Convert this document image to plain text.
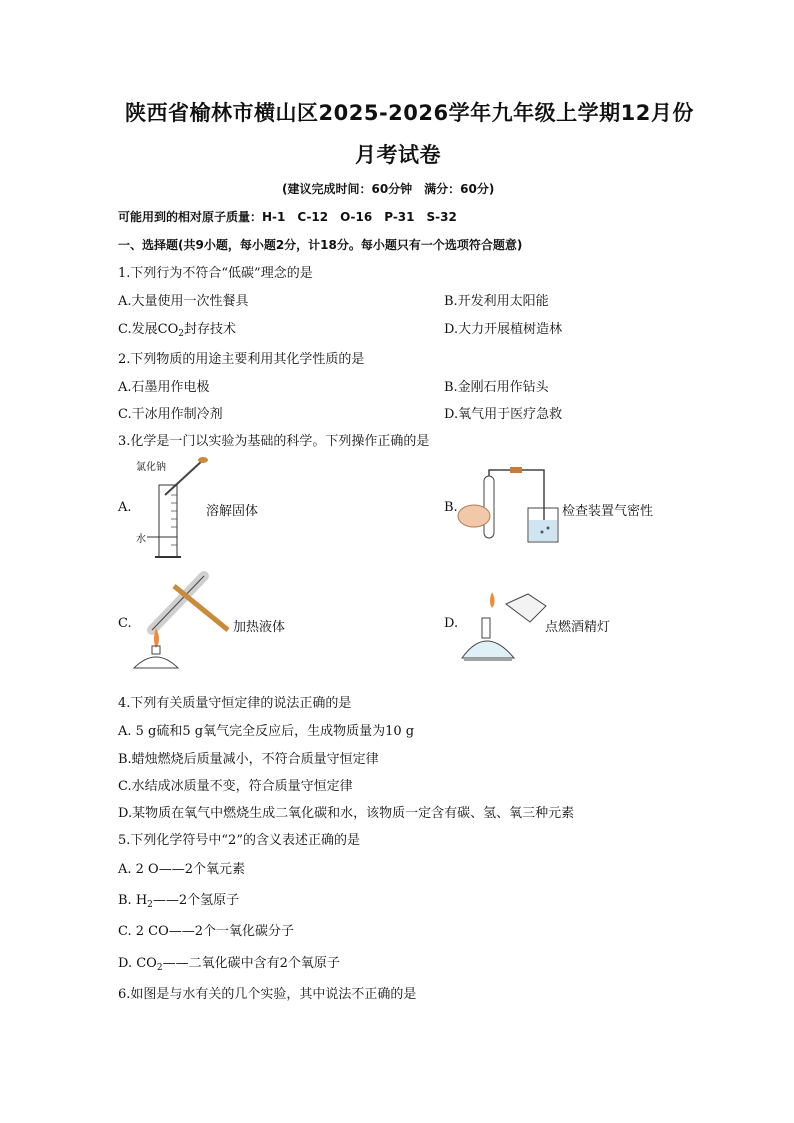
陕西省榆林市横山区2025-2026学年九年级上学期12月份
月考试卷
(建议完成时间：60分钟　满分：60分)
可能用到的相对原子质量：H-1　C-12　O-16　P-31　S-32
一、选择题(共9小题，每小题2分，计18分。每小题只有一个选项符合题意)
1.下列行为不符合“低碳”理念的是
A.大量使用一次性餐具	B.开发利用太阳能
C.发展$CO_2$封存技术	D.大力开展植树造林
2.下列物质的用途主要利用其化学性质的是
A.石墨用作电极	B.金刚石用作钻头
C.干冰用作制冷剂	D.氧气用于医疗急救
3.化学是一门以实验为基础的科学。下列操作正确的是
A.
氯化钠
水
溶解固体	B.	检查装置气密性
C.	加热液体	D.	点燃酒精灯
4.下列有关质量守恒定律的说法正确的是
A. 5 g硫和5 g氧气完全反应后，生成物质量为10 g
B.蜡烛燃烧后质量减小，不符合质量守恒定律
C.水结成冰质量不变，符合质量守恒定律
D.某物质在氧气中燃烧生成二氧化碳和水，该物质一定含有碳、氢、氧三种元素
5.下列化学符号中“2”的含义表述正确的是
A. 2 O——2个氧元素
B. $H_2——2$个氢原子
C. 2 CO——2个一氧化碳分子
D. $CO_2——$二氧化碳中含有2个氧原子
6.如图是与水有关的几个实验，其中说法不正确的是
